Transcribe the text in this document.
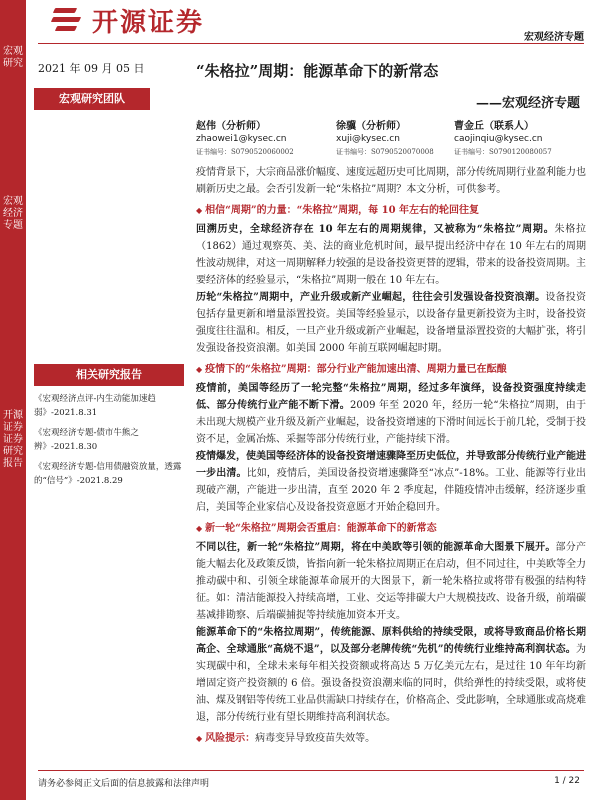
宏观研究
宏观经济专题
开源证券 证券研究报告
开源证券	宏观经济专题
2021 年 09 月 05 日
宏观研究团队
“朱格拉”周期：能源革命下的新常态
——宏观经济专题
赵伟（分析师）
zhaowei1@kysec.cn
证书编号：S0790520060002
徐骥（分析师）
xuji@kysec.cn
证书编号：S0790520070008
曹金丘（联系人）
caojinqiu@kysec.cn
证书编号：S0790120080057

疫情背景下，大宗商品涨价幅度、速度远超历史可比周期，部分传统周期行业盈利能力也刷新历史之最。会否引发新一轮“朱格拉”周期？本文分析，可供参考。

◆ 相信“周期”的力量：“朱格拉”周期，每 10 年左右的轮回往复

回溯历史，全球经济存在 10 年左右的周期规律，又被称为“朱格拉”周期。朱格拉（1862）通过观察英、美、法的商业危机时间，最早提出经济中存在 10 年左右的周期性波动规律，对这一周期解释力较强的是设备投资更替的逻辑，带来的设备投资周期。主要经济体的经验显示，“朱格拉”周期一般在 10 年左右。

历轮“朱格拉”周期中，产业升级或新产业崛起，往往会引发强设备投资浪潮。设备投资包括存量更新和增量添置投资。美国等经验显示，以设备存量更新投资为主时，设备投资强度往往温和。相反，一旦产业升级或新产业崛起，设备增量添置投资的大幅扩张，将引发强设备投资浪潮。如美国 2000 年前互联网崛起时期。

◆ 疫情下的“朱格拉”周期：部分行业产能加速出清、周期力量已在酝酿

疫情前，美国等经历了一轮完整“朱格拉”周期，经过多年演绎，设备投资强度持续走低、部分传统行业产能不断下滑。2009 年至 2020 年，经历一轮“朱格拉”周期，由于未出现大规模产业升级及新产业崛起，设备投资增速的下滑时间远长于前几轮，受制于投资不足，金属冶炼、采掘等部分传统行业，产能持续下滑。

疫情爆发，使美国等经济体的设备投资增速骤降至历史低位，并导致部分传统行业产能进一步出清。比如，疫情后，美国设备投资增速骤降至“冰点”-18%。工业、能源等行业出现破产潮，产能进一步出清，直至 2020 年 2 季度起，伴随疫情冲击缓解，经济逐步重启，美国等企业家信心及设备投资意愿才开始企稳回升。

◆ 新一轮“朱格拉”周期会否重启：能源革命下的新常态

不同以往，新一轮“朱格拉”周期，将在中美欧等引领的能源革命大图景下展开。部分产能大幅去化及政策反馈，皆指向新一轮朱格拉周期正在启动，但不同过往，中美欧等全力推动碳中和、引领全球能源革命展开的大图景下，新一轮朱格拉或将带有极强的结构特征。如：清洁能源投入持续高增，工业、交运等排碳大户大规模技改、设备升级，前端碳基减排勘察、后端碳捕捉等持续施加资本开支。

能源革命下的“朱格拉周期”，传统能源、原料供给的持续受限，或将导致商品价格长期高企、全球通胀“高烧不退”，以及部分老牌传统“先机”的传统行业维持高利润状态。为实现碳中和，全球未来每年相关投资额或将高达 5 万亿美元左右，是过往 10 年年均新增固定资产投资额的 6 倍。强设备投资浪潮来临的同时，供给弹性的持续受限，或将使油、煤及钢铝等传统工业品供需缺口持续存在，价格高企、受此影响，全球通胀或高烧难退，部分传统行业有望长期维持高利润状态。

◆ 风险提示：病毒变异导致疫苗失效等。
相关研究报告
《宏观经济点评-内生动能加速趋弱》-2021.8.31
《宏观经济专题-债市牛熊之辨》-2021.8.30
《宏观经济专题-信用债融资放量，透露的“信号”》-2021.8.29
请务必参阅正文后面的信息披露和法律声明	1 / 22
